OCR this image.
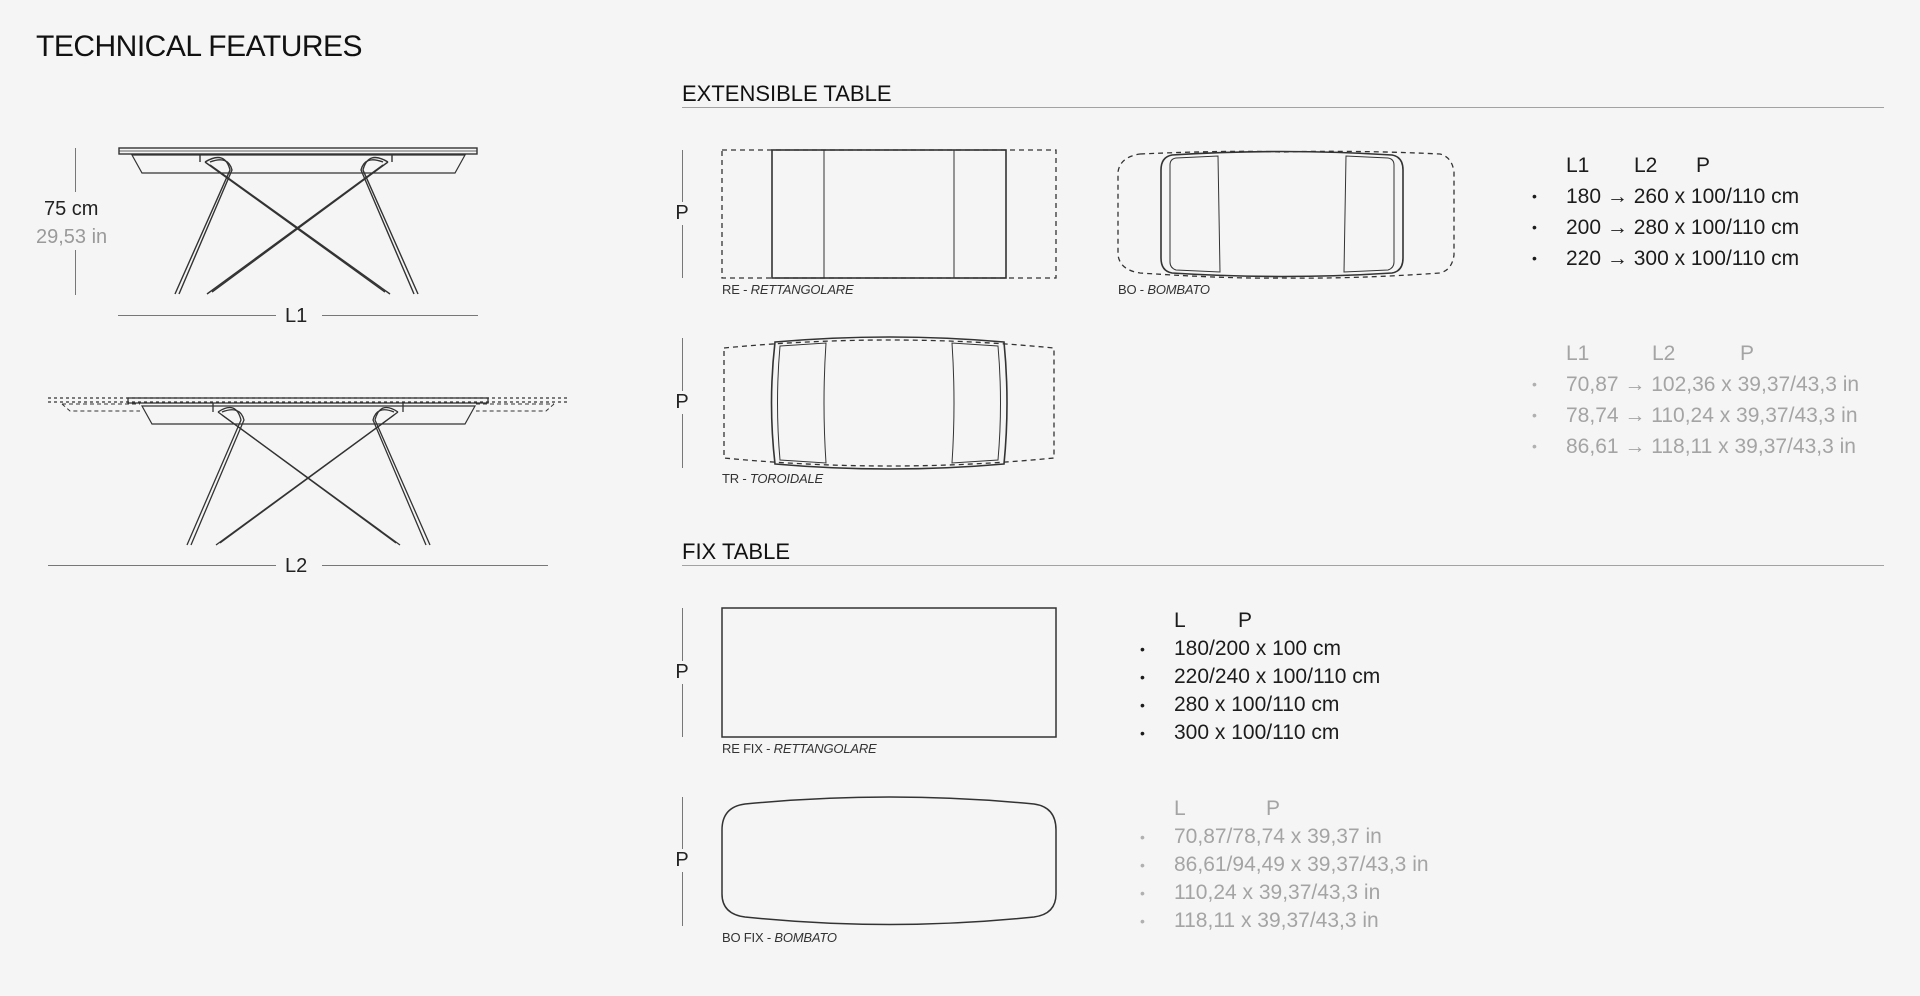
TECHNICAL FEATURES
75 cm
29,53 in
L1
L2
EXTENSIBLE TABLE
P
RE - RETTANGOLARE	BO - BOMBATO
P
TR - TOROIDALE
L1	L2	P
• 180 → 260 x 100/110 cm
• 200 → 280 x 100/110 cm
• 220 → 300 x 100/110 cm
L1	L2	P
• 70,87 → 102,36 x 39,37/43,3 in
• 78,74 → 110,24 x 39,37/43,3 in
• 86,61 → 118,11 x 39,37/43,3 in
FIX TABLE
P
RE FIX - RETTANGOLARE
P
BO FIX - BOMBATO
L	P
• 180/200 x 100 cm
• 220/240 x 100/110 cm
• 280 x 100/110 cm
• 300 x 100/110 cm
L	P
• 70,87/78,74 x 39,37 in
• 86,61/94,49 x 39,37/43,3 in
• 110,24 x 39,37/43,3 in
• 118,11 x 39,37/43,3 in
